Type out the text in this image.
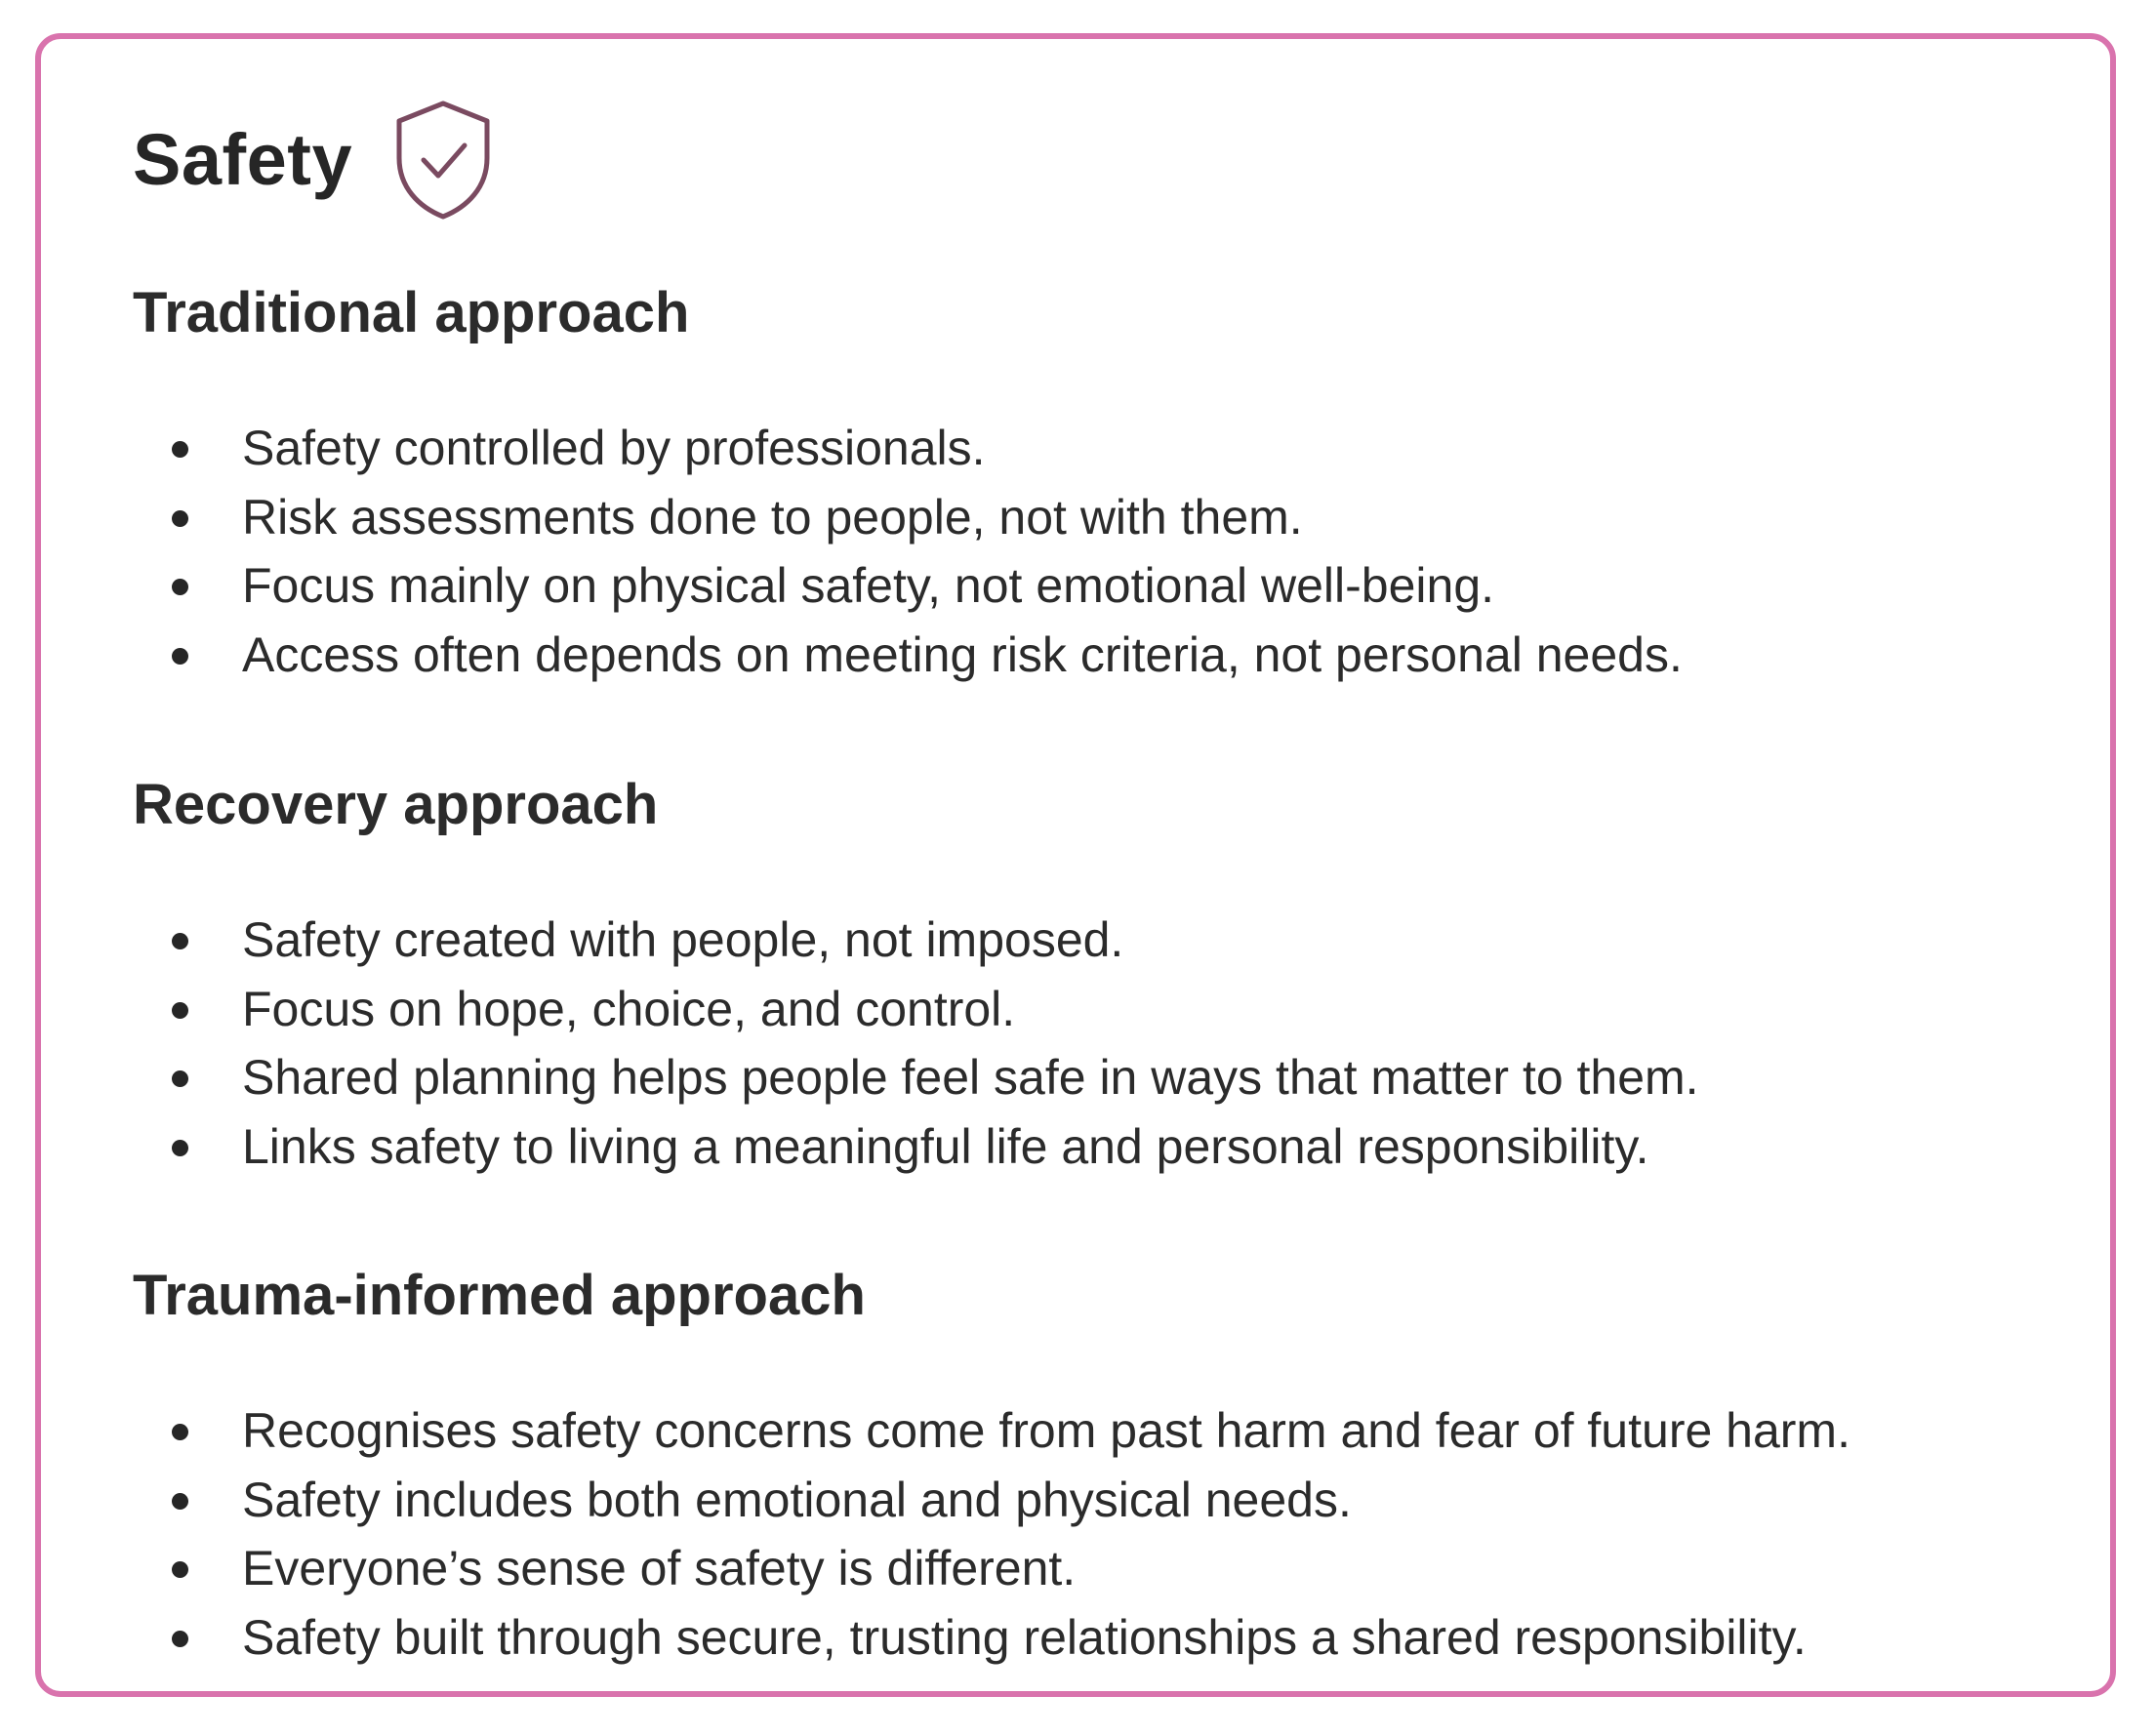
Safety
Traditional approach
Safety controlled by professionals.
Risk assessments done to people, not with them.
Focus mainly on physical safety, not emotional well-being.
Access often depends on meeting risk criteria, not personal needs.
Recovery approach
Safety created with people, not imposed.
Focus on hope, choice, and control.
Shared planning helps people feel safe in ways that matter to them.
Links safety to living a meaningful life and personal responsibility.
Trauma-informed approach
Recognises safety concerns come from past harm and fear of future harm.
Safety includes both emotional and physical needs.
Everyone’s sense of safety is different.
Safety built through secure, trusting relationships a shared responsibility.
